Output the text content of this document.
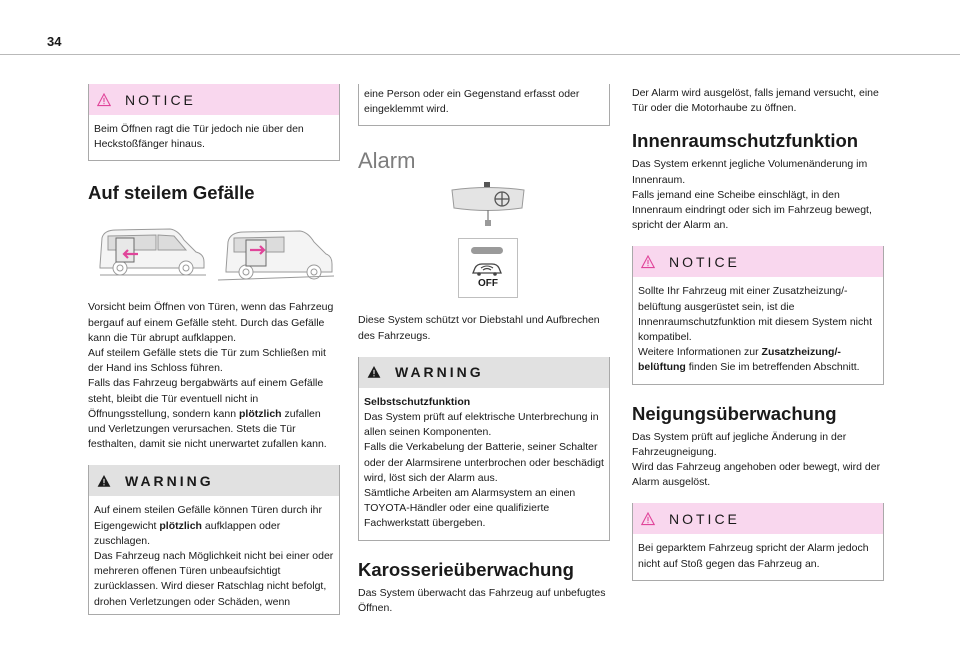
34
NOTICE
Beim Öffnen ragt die Tür jedoch nie über den Heckstoßfänger hinaus.
Auf steilem Gefälle

Vorsicht beim Öffnen von Türen, wenn das Fahrzeug bergauf auf einem Gefälle steht. Durch das Gefälle kann die Tür abrupt aufklappen.

Auf steilem Gefälle stets die Tür zum Schließen mit der Hand ins Schloss führen.

Falls das Fahrzeug bergabwärts auf einem Gefälle steht, bleibt die Tür eventuell nicht in Öffnungsstellung, sondern kann plötzlich zufallen und Verletzungen verursachen. Stets die Tür festhalten, damit sie nicht unerwartet zufallen kann.

WARNING
Auf einem steilen Gefälle können Türen durch ihr Eigengewicht plötzlich aufklappen oder zuschlagen.
Das Fahrzeug nach Möglichkeit nicht bei einer oder mehreren offenen Türen unbeaufsichtigt zurücklassen. Wird dieser Ratschlag nicht befolgt, drohen Verletzungen oder Schäden, wenn
eine Person oder ein Gegenstand erfasst oder eingeklemmt wird.
Alarm
OFF

Diese System schützt vor Diebstahl und Aufbrechen des Fahrzeugs.

WARNING
Selbstschutzfunktion
Das System prüft auf elektrische Unterbrechung in allen seinen Komponenten.
Falls die Verkabelung der Batterie, seiner Schalter oder der Alarmsirene unterbrochen oder beschädigt wird, löst sich der Alarm aus.
Sämtliche Arbeiten am Alarmsystem an einen TOYOTA-Händler oder eine qualifizierte Fachwerkstatt übergeben.
Karosserieüberwachung

Das System überwacht das Fahrzeug auf unbefugtes Öffnen.

Der Alarm wird ausgelöst, falls jemand versucht, eine Tür oder die Motorhaube zu öffnen.

Innenraumschutzfunktion

Das System erkennt jegliche Volumenänderung im Innenraum.

Falls jemand eine Scheibe einschlägt, in den Innenraum eindringt oder sich im Fahrzeug bewegt, spricht der Alarm an.

NOTICE
Sollte Ihr Fahrzeug mit einer Zusatzheizung/-belüftung ausgerüstet sein, ist die Innenraumschutzfunktion mit diesem System nicht kompatibel.
Weitere Informationen zur Zusatzheizung/-belüftung finden Sie im betreffenden Abschnitt.
Neigungsüberwachung

Das System prüft auf jegliche Änderung in der Fahrzeugneigung.

Wird das Fahrzeug angehoben oder bewegt, wird der Alarm ausgelöst.

NOTICE
Bei geparktem Fahrzeug spricht der Alarm jedoch nicht auf Stoß gegen das Fahrzeug an.
